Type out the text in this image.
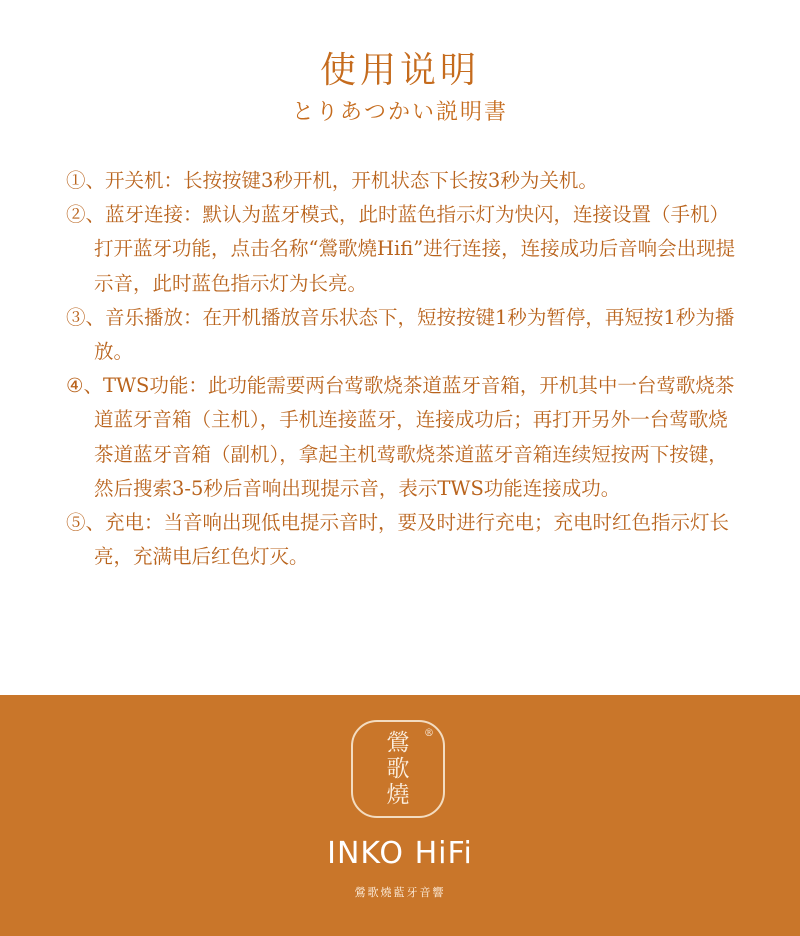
使用说明
とりあつかい説明書

①、开关机：长按按键3秒开机，开机状态下长按3秒为关机。

②、蓝牙连接：默认为蓝牙模式，此时蓝色指示灯为快闪，连接设置（手机）打开蓝牙功能，点击名称“鶯歌燒Hifi”进行连接，连接成功后音响会出现提示音，此时蓝色指示灯为长亮。

③、音乐播放：在开机播放音乐状态下，短按按键1秒为暂停，再短按1秒为播放。

④、TWS功能：此功能需要两台莺歌烧茶道蓝牙音箱，开机其中一台莺歌烧茶道蓝牙音箱（主机），手机连接蓝牙，连接成功后；再打开另外一台莺歌烧茶道蓝牙音箱（副机），拿起主机莺歌烧茶道蓝牙音箱连续短按两下按键，然后搜索3-5秒后音响出现提示音，表示TWS功能连接成功。

⑤、充电：当音响出现低电提示音时，要及时进行充电；充电时红色指示灯长亮，充满电后红色灯灭。

鶯
歌
燒
®
INKO HiFi
鶯歌燒藍牙音響
